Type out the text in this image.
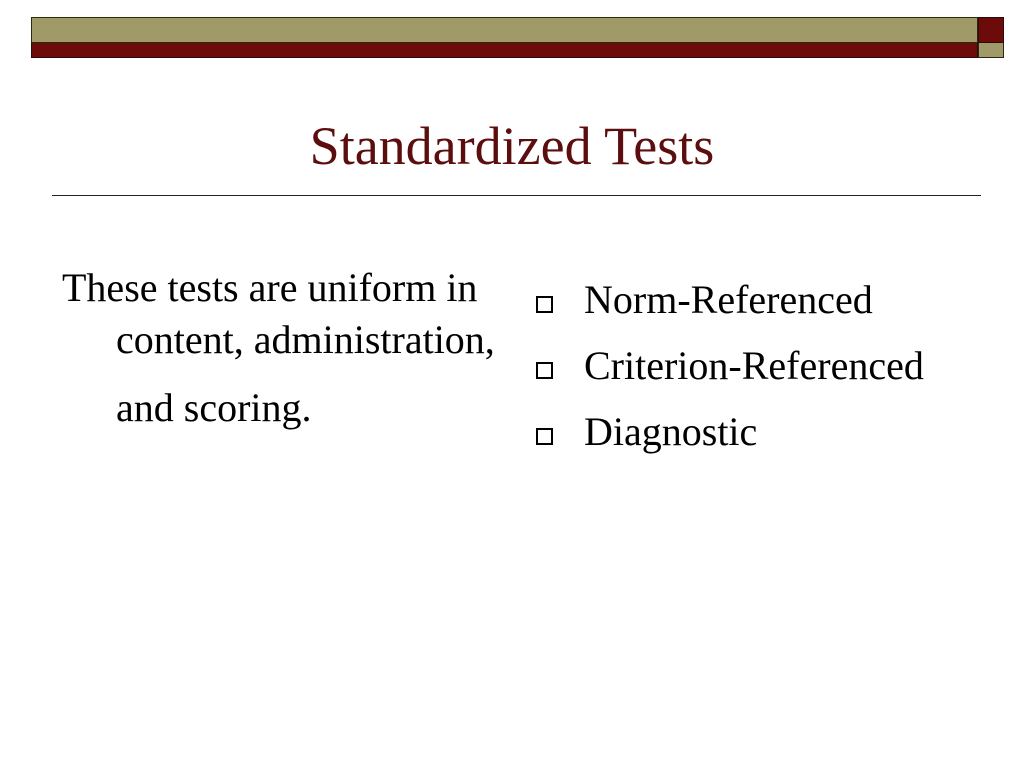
Standardized Tests

These tests are uniform in content, administration,
and scoring.

Norm-Referenced
Criterion-Referenced
Diagnostic
